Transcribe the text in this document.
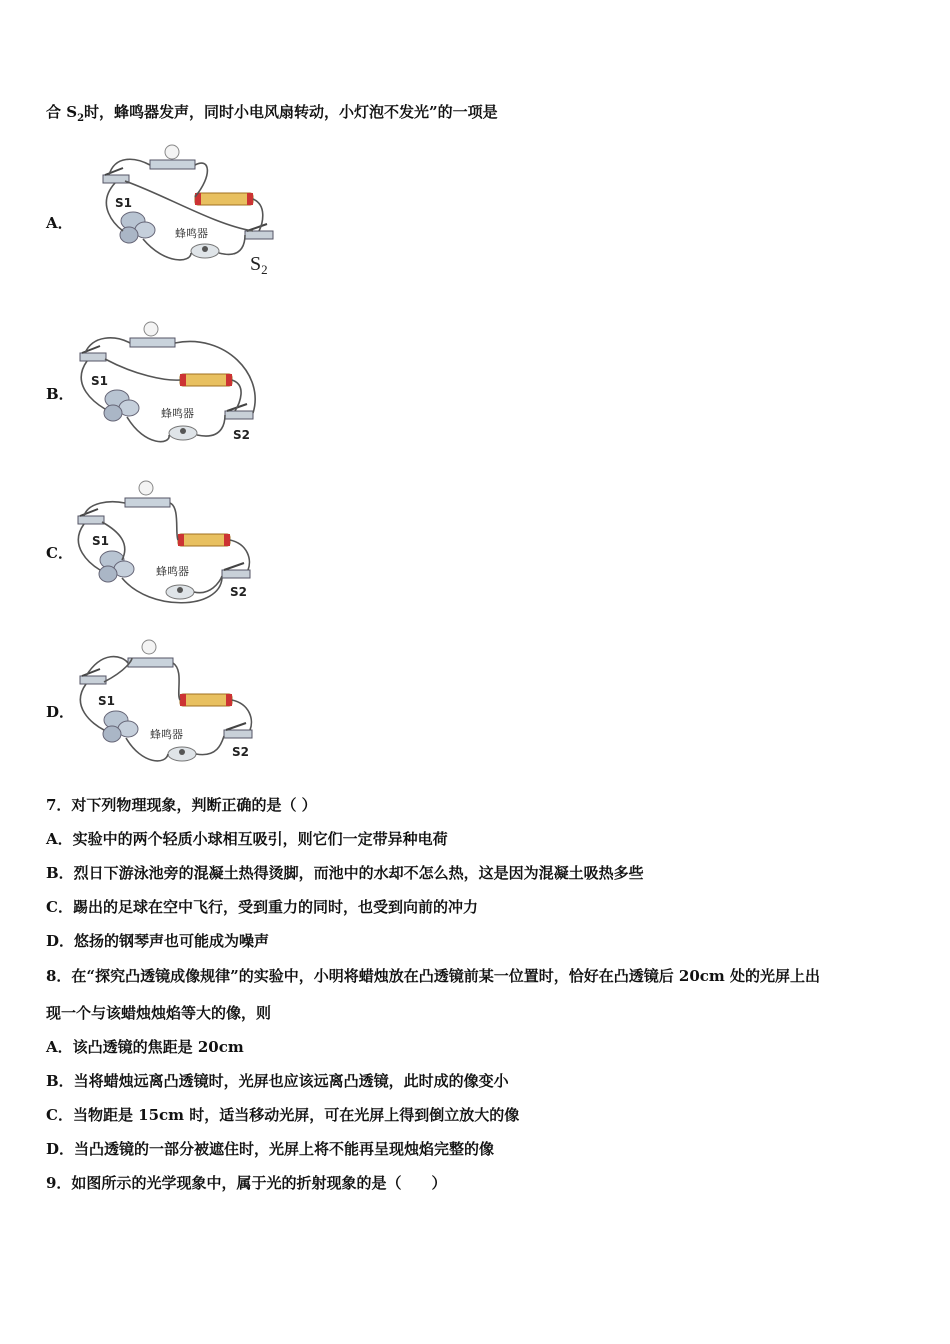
合 $S_2$时，蜂鸣器发声，同时小电风扇转动，小灯泡不发光”的一项是
A．
S1
蜂鸣器
$S_2$
B．
S1
蜂鸣器
S2
C．
S1
蜂鸣器
S2
D．
S1
蜂鸣器
S2
7．对下列物理现象，判断正确的是（ ）
A．实验中的两个轻质小球相互吸引，则它们一定带异种电荷
B．烈日下游泳池旁的混凝土热得烫脚，而池中的水却不怎么热，这是因为混凝土吸热多些
C．踢出的足球在空中飞行，受到重力的同时，也受到向前的冲力
D．悠扬的钢琴声也可能成为噪声
8．在“探究凸透镜成像规律”的实验中，小明将蜡烛放在凸透镜前某一位置时，恰好在凸透镜后 20cm 处的光屏上出
现一个与该蜡烛烛焰等大的像，则
A．该凸透镜的焦距是 20cm
B．当将蜡烛远离凸透镜时，光屏也应该远离凸透镜，此时成的像变小
C．当物距是 15cm 时，适当移动光屏，可在光屏上得到倒立放大的像
D．当凸透镜的一部分被遮住时，光屏上将不能再呈现烛焰完整的像
9．如图所示的光学现象中，属于光的折射现象的是（　　）
